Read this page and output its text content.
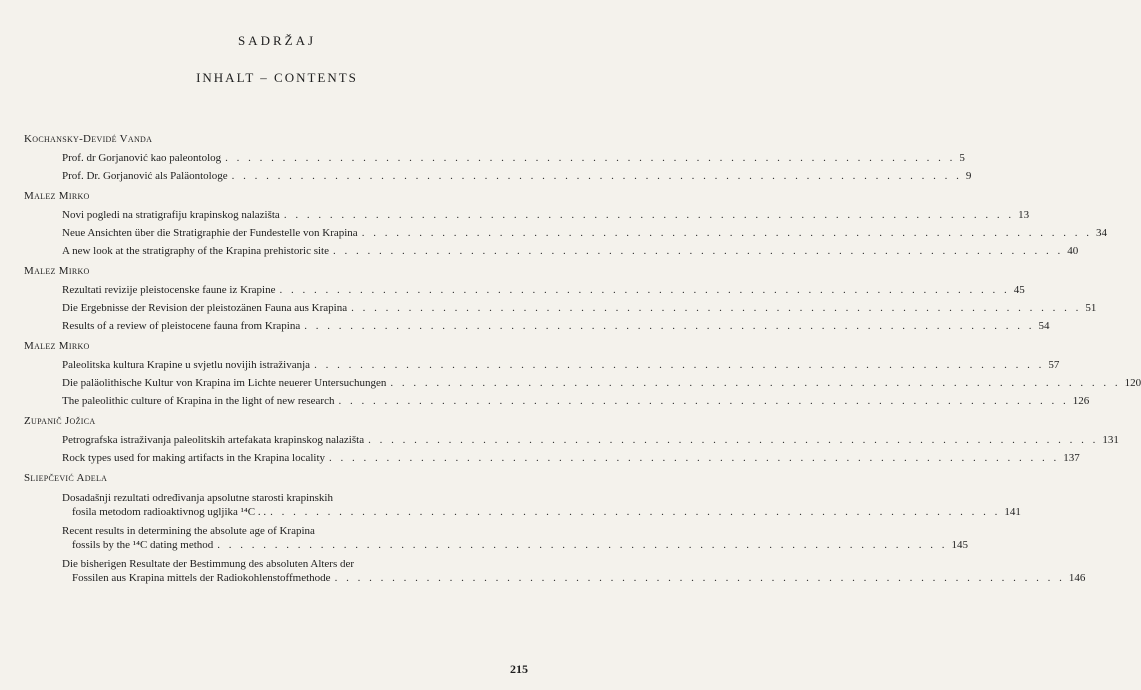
SADRŽAJ
INHALT – CONTENTS
Kochansky-Devidé Vanda
Prof. dr Gorjanović kao paleontolog . . . . . . . . . . . . . . . . . . . . . . . . . . . . . . . . . . . . . . . . . . . . . . . . . . . . . . . . . . . . . . . . 5
Prof. Dr. Gorjanović als Paläontologe . . . . . . . . . . . . . . . . . . . . . . . . . . . . . . . . . . . . . . . . . . . . . . . . . . . . . . . . . . . . . . . . 9
Malez Mirko
Novi pogledi na stratigrafiju krapinskog nalazišta . . . . . . . . . . . . . . . . . . . . . . . . . . . . . . . . . . . . . . . . . . . . . . . . . . . . . . . . . . . . . . . . 13
Neue Ansichten über die Stratigraphie der Fundestelle von Krapina . . . . . . . . . . . . . . . . . . . . . . . . . . . . . . . . . . . . . . . . . . . . . . . . . . . . . . . . . . . . . . . . 34
A new look at the stratigraphy of the Krapina prehistoric site . . . . . . . . . . . . . . . . . . . . . . . . . . . . . . . . . . . . . . . . . . . . . . . . . . . . . . . . . . . . . . . . 40
Malez Mirko
Rezultati revizije pleistocenske faune iz Krapine . . . . . . . . . . . . . . . . . . . . . . . . . . . . . . . . . . . . . . . . . . . . . . . . . . . . . . . . . . . . . . . . 45
Die Ergebnisse der Revision der pleistozänen Fauna aus Krapina . . . . . . . . . . . . . . . . . . . . . . . . . . . . . . . . . . . . . . . . . . . . . . . . . . . . . . . . . . . . . . . . 51
Results of a review of pleistocene fauna from Krapina . . . . . . . . . . . . . . . . . . . . . . . . . . . . . . . . . . . . . . . . . . . . . . . . . . . . . . . . . . . . . . . . 54
Malez Mirko
Paleolitska kultura Krapine u svjetlu novijih istraživanja . . . . . . . . . . . . . . . . . . . . . . . . . . . . . . . . . . . . . . . . . . . . . . . . . . . . . . . . . . . . . . . . 57
Die paläolithische Kultur von Krapina im Lichte neuerer Untersuchungen . . . . . . . . . . . . . . . . . . . . . . . . . . . . . . . . . . . . . . . . . . . . . . . . . . . . . . . . . . . . . . . . 120
The paleolithic culture of Krapina in the light of new research . . . . . . . . . . . . . . . . . . . . . . . . . . . . . . . . . . . . . . . . . . . . . . . . . . . . . . . . . . . . . . . . 126
Zupanič Jožica
Petrografska istraživanja paleolitskih artefakata krapinskog nalazišta . . . . . . . . . . . . . . . . . . . . . . . . . . . . . . . . . . . . . . . . . . . . . . . . . . . . . . . . . . . . . . . . 131
Rock types used for making artifacts in the Krapina locality . . . . . . . . . . . . . . . . . . . . . . . . . . . . . . . . . . . . . . . . . . . . . . . . . . . . . . . . . . . . . . . . 137
Sliepčević Adela
Dosadašnji rezultati određivanja apsolutne starosti krapinskih
fosila metodom radioaktivnog ugljika ¹⁴C . . . . . . . . . . . . . . . . . . . . . . . . . . . . . . . . . . . . . . . . . . . . . . . . . . . . . . . . . . . . . . . . . . 141
Recent results in determining the absolute age of Krapina
fossils by the ¹⁴C dating method . . . . . . . . . . . . . . . . . . . . . . . . . . . . . . . . . . . . . . . . . . . . . . . . . . . . . . . . . . . . . . . . 145
Die bisherigen Resultate der Bestimmung des absoluten Alters der
Fossilen aus Krapina mittels der Radiokohlenstoffmethode . . . . . . . . . . . . . . . . . . . . . . . . . . . . . . . . . . . . . . . . . . . . . . . . . . . . . . . . . . . . . . . . 146
215
